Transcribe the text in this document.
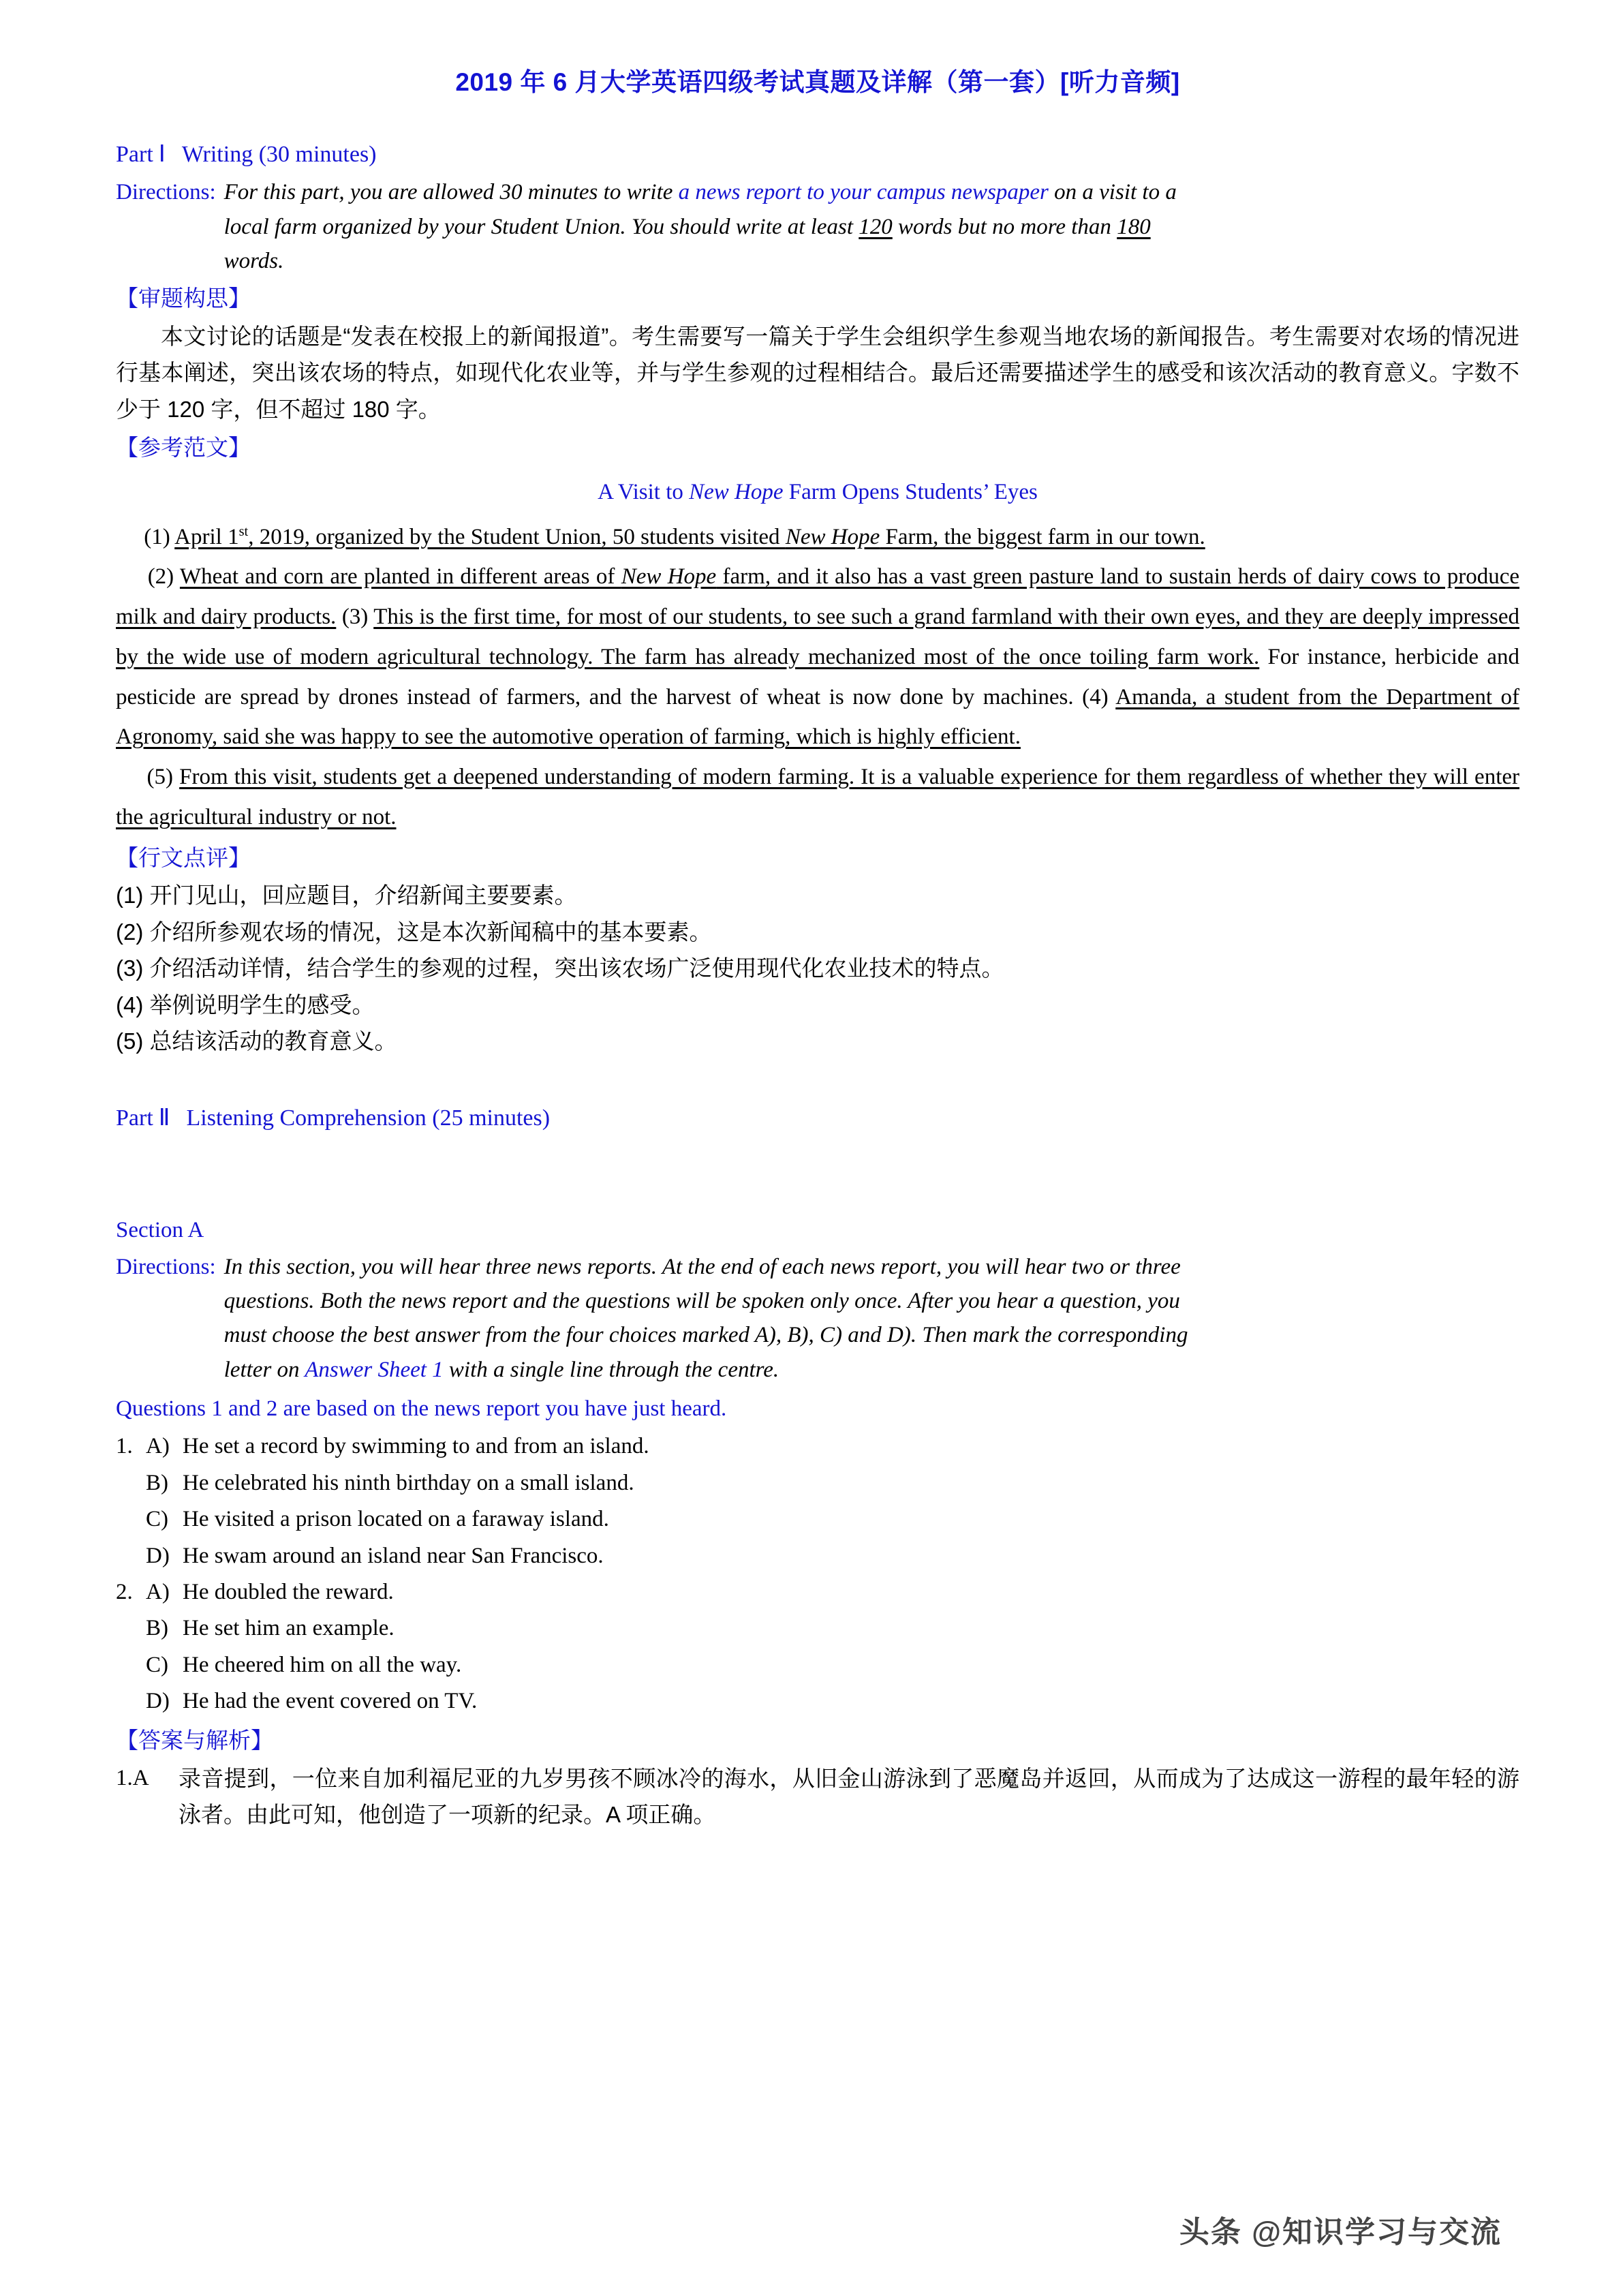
2019 年 6 月大学英语四级考试真题及详解（第一套）[听力音频]
Part Ⅰ Writing (30 minutes)
Directions: For this part, you are allowed 30 minutes to write a news report to your campus newspaper on a visit to a
local farm organized by your Student Union. You should write at least 120 words but no more than 180
words.
【审题构思】

本文讨论的话题是“发表在校报上的新闻报道”。考生需要写一篇关于学生会组织学生参观当地农场的新闻报告。考生需要对农场的情况进行基本阐述，突出该农场的特点，如现代化农业等，并与学生参观的过程相结合。最后还需要描述学生的感受和该次活动的教育意义。字数不少于 120 字，但不超过 180 字。

【参考范文】
A Visit to New Hope Farm Opens Students’ Eyes

(1) April 1st, 2019, organized by the Student Union, 50 students visited New Hope Farm, the biggest farm in our town.

(2) Wheat and corn are planted in different areas of New Hope farm, and it also has a vast green pasture land to sustain herds of dairy cows to produce milk and dairy products. (3) This is the first time, for most of our students, to see such a grand farmland with their own eyes, and they are deeply impressed by the wide use of modern agricultural technology. The farm has already mechanized most of the once toiling farm work. For instance, herbicide and pesticide are spread by drones instead of farmers, and the harvest of wheat is now done by machines. (4) Amanda, a student from the Department of Agronomy, said she was happy to see the automotive operation of farming, which is highly efficient.

(5) From this visit, students get a deepened understanding of modern farming. It is a valuable experience for them regardless of whether they will enter the agricultural industry or not.

【行文点评】

(1) 开门见山，回应题目，介绍新闻主要要素。

(2) 介绍所参观农场的情况，这是本次新闻稿中的基本要素。

(3) 介绍活动详情，结合学生的参观的过程，突出该农场广泛使用现代化农业技术的特点。

(4) 举例说明学生的感受。

(5) 总结该活动的教育意义。

Part Ⅱ Listening Comprehension (25 minutes)
Section A
Directions: In this section, you will hear three news reports. At the end of each news report, you will hear two or three
questions. Both the news report and the questions will be spoken only once. After you hear a question, you
must choose the best answer from the four choices marked A), B), C) and D). Then mark the corresponding
letter on Answer Sheet 1 with a single line through the centre.
Questions 1 and 2 are based on the news report you have just heard.
1. A) He set a record by swimming to and from an island.
B) He celebrated his ninth birthday on a small island.
C) He visited a prison located on a faraway island.
D) He swam around an island near San Francisco.
2. A) He doubled the reward.
B) He set him an example.
C) He cheered him on all the way.
D) He had the event covered on TV.
【答案与解析】
1.A	录音提到，一位来自加利福尼亚的九岁男孩不顾冰冷的海水，从旧金山游泳到了恶魔岛并返回，从而成为了达成这一游程的最年轻的游泳者。由此可知，他创造了一项新的纪录。A 项正确。
头条 @知识学习与交流
